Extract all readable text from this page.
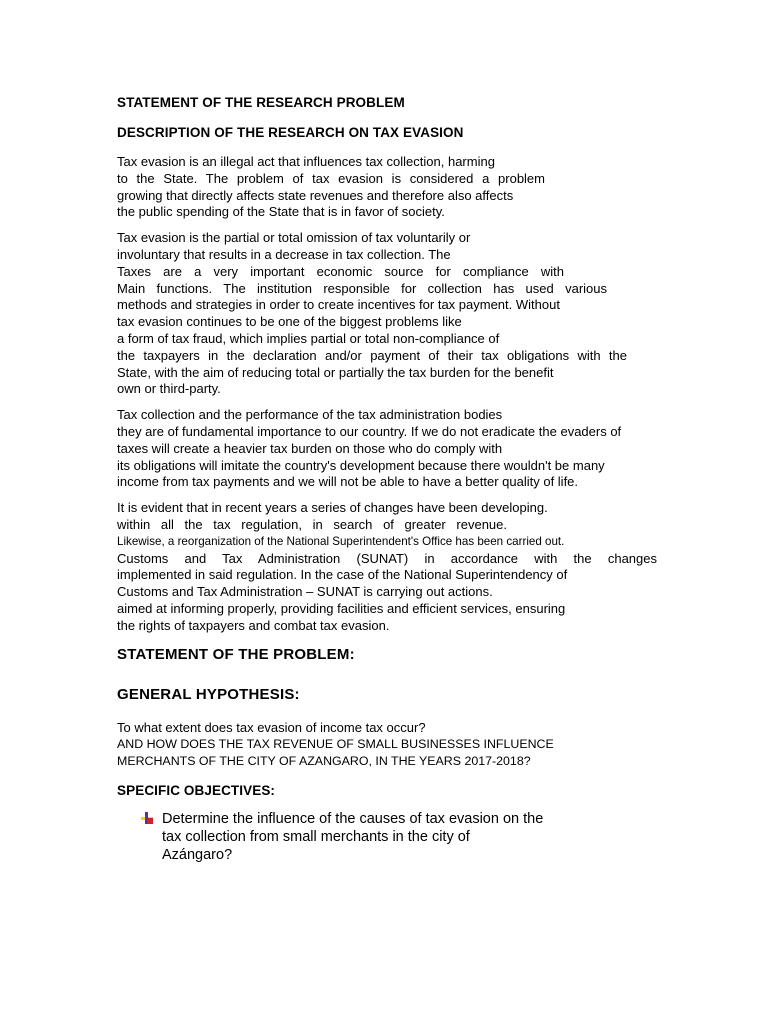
STATEMENT OF THE RESEARCH PROBLEM

DESCRIPTION OF THE RESEARCH ON TAX EVASION

Tax evasion is an illegal act that influences tax collection, harming
to the State. The problem of tax evasion is considered a problem
growing that directly affects state revenues and therefore also affects
the public spending of the State that is in favor of society.
Tax evasion is the partial or total omission of tax voluntarily or
involuntary that results in a decrease in tax collection. The
Taxes are a very important economic source for compliance with
Main functions. The institution responsible for collection has used various
methods and strategies in order to create incentives for tax payment. Without
tax evasion continues to be one of the biggest problems like
a form of tax fraud, which implies partial or total non-compliance of
the taxpayers in the declaration and/or payment of their tax obligations with the
State, with the aim of reducing total or partially the tax burden for the benefit
own or third-party.
Tax collection and the performance of the tax administration bodies
they are of fundamental importance to our country. If we do not eradicate the evaders of
taxes will create a heavier tax burden on those who do comply with
its obligations will imitate the country's development because there wouldn't be many
income from tax payments and we will not be able to have a better quality of life.
It is evident that in recent years a series of changes have been developing.
within all the tax regulation, in search of greater revenue.
Likewise, a reorganization of the National Superintendent's Office has been carried out.
Customs and Tax Administration (SUNAT) in accordance with the changes
implemented in said regulation. In the case of the National Superintendency of
Customs and Tax Administration – SUNAT is carrying out actions.
aimed at informing properly, providing facilities and efficient services, ensuring
the rights of taxpayers and combat tax evasion.

STATEMENT OF THE PROBLEM:

GENERAL HYPOTHESIS:

To what extent does tax evasion of income tax occur?
AND HOW DOES THE TAX REVENUE OF SMALL BUSINESSES INFLUENCE
MERCHANTS OF THE CITY OF AZANGARO, IN THE YEARS 2017-2018?

SPECIFIC OBJECTIVES:

Determine the influence of the causes of tax evasion on the
tax collection from small merchants in the city of
Azángaro?
